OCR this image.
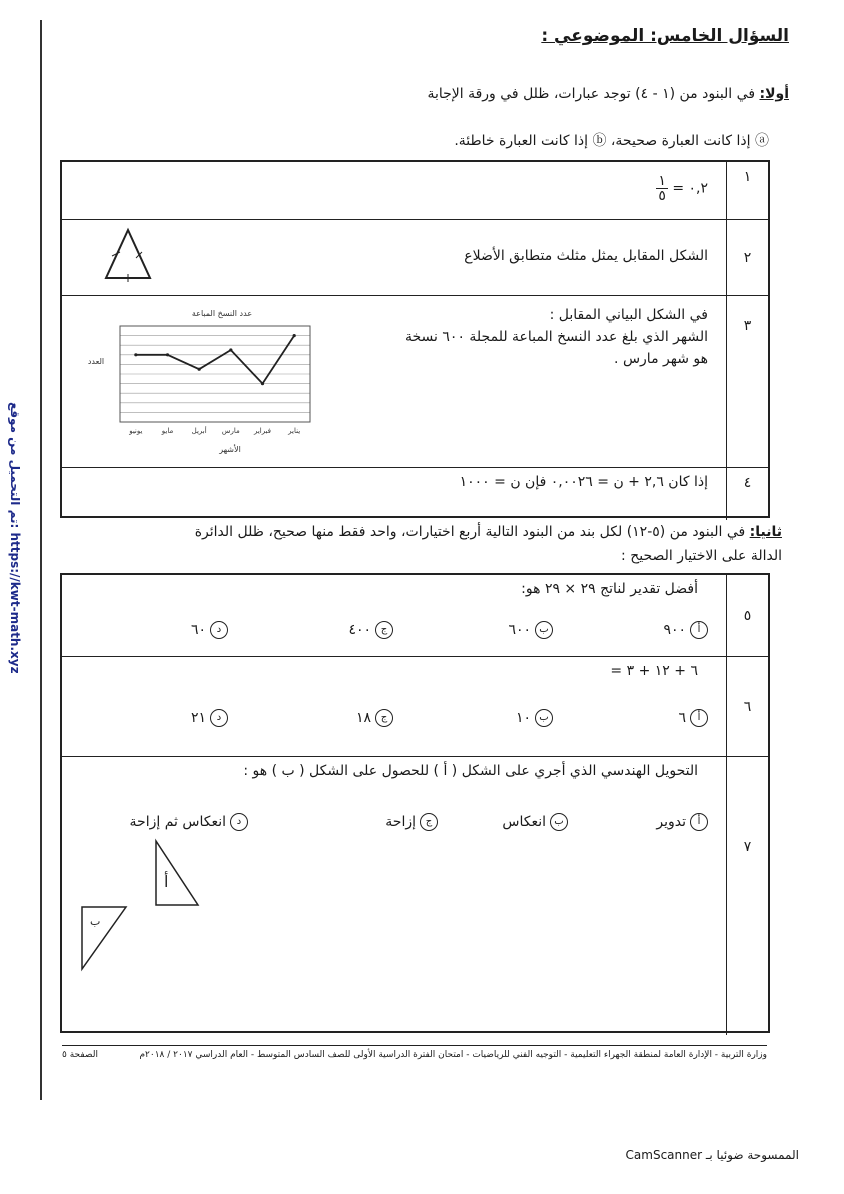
تم التحميل من موقع: https://kwt-math.xyz
السؤال الخامس: الموضوعي :
أولا: في البنود من (١ - ٤) توجد عبارات، ظلل في ورقة الإجابة
ⓐ إذا كانت العبارة صحيحة، ⓑ إذا كانت العبارة خاطئة.
١
٠,٢ =
$\frac{١}{٥}$
٢
الشكل المقابل يمثل مثلث متطابق الأضلاع
٣
في الشكل البياني المقابل :
الشهر الذي بلغ عدد النسخ المباعة للمجلة ٦٠٠ نسخة
هو شهر مارس .
عدد النسخ المباعة
العدد
الأشهر
يناير
فبراير
مارس
أبريل
مايو
يونيو
٤
إذا كان ٢,٦ + ن = ٠,٠٠٢٦ فإن ن = ١٠٠٠
ثانيا: في البنود من (٥-١٢) لكل بند من البنود التالية أربع اختيارات، واحد فقط منها صحيح، ظلل الدائرة
الدالة على الاختيار الصحيح :
٥
أفضل تقدير لناتج ٢٩ × ٢٩ هو:
أ٩٠٠
ب٦٠٠
ج٤٠٠
د٦٠
٦
٦ + ١٢ + ٣ =
أ٦
ب١٠
ج١٨
د٢١
٧
التحويل الهندسي الذي أجري على الشكل ( أ ) للحصول على الشكل ( ب ) هو :
أتدوير
بانعكاس
جإزاحة
دانعكاس ثم إزاحة
أ
ب
وزارة التربية - الإدارة العامة لمنطقة الجهراء التعليمية - التوجيه الفني للرياضيات - امتحان الفترة الدراسية الأولى للصف السادس المتوسط - العام الدراسي ٢٠١٧ / ٢٠١٨م
الصفحة ٥
الممسوحة ضوئيا بـ CamScanner
